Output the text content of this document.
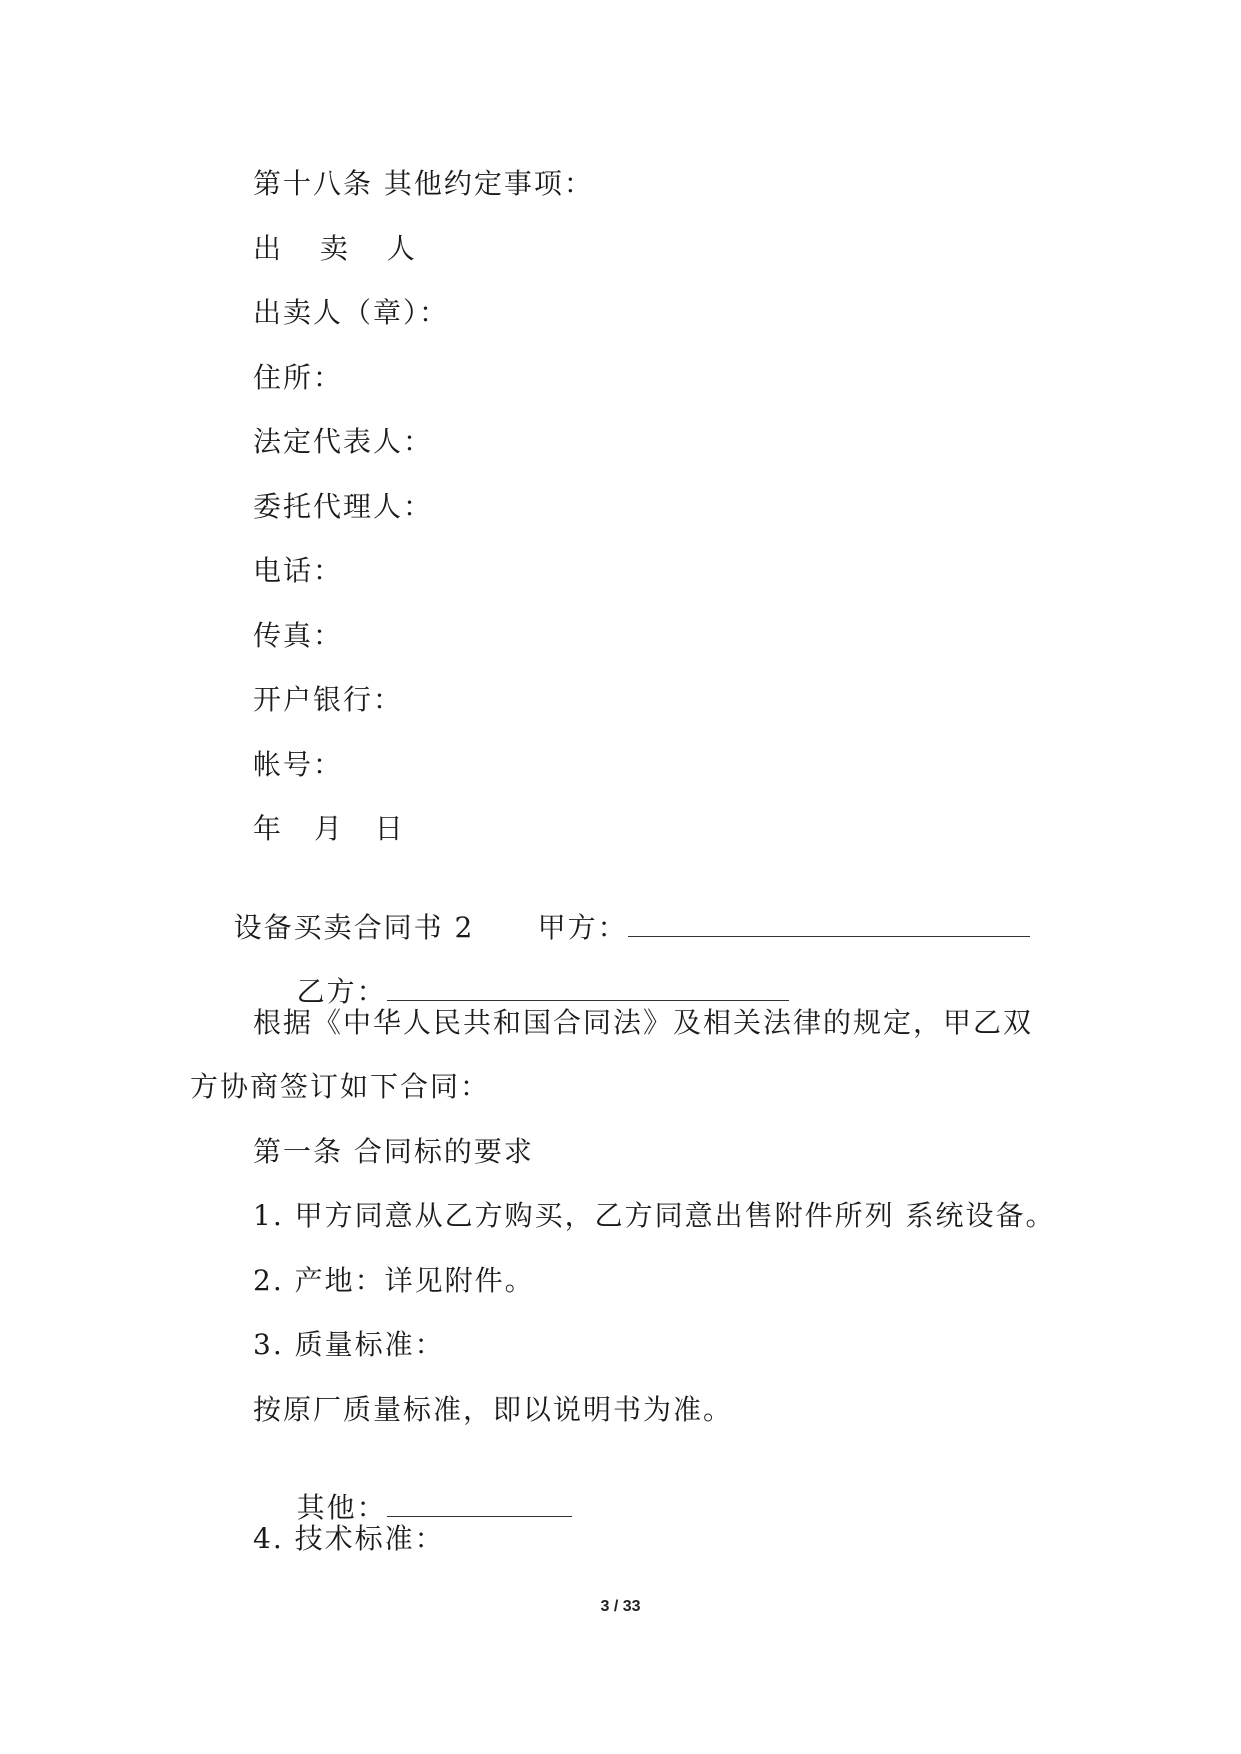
第十八条 其他约定事项：
出 卖 人
出卖人（章）：
住所：
法定代表人：
委托代理人：
电话：
传真：
开户银行：
帐号：
年 月 日

设备买卖合同书 2
	甲方：

乙方：

根据《中华人民共和国合同法》及相关法律的规定，甲乙双
方协商签订如下合同：
第一条 合同标的要求
1. 甲方同意从乙方购买，乙方同意出售附件所列 系统设备。
2. 产地：详见附件。
3. 质量标准：
按原厂质量标准，即以说明书为准。

其他：

4. 技术标准：
3 / 33
